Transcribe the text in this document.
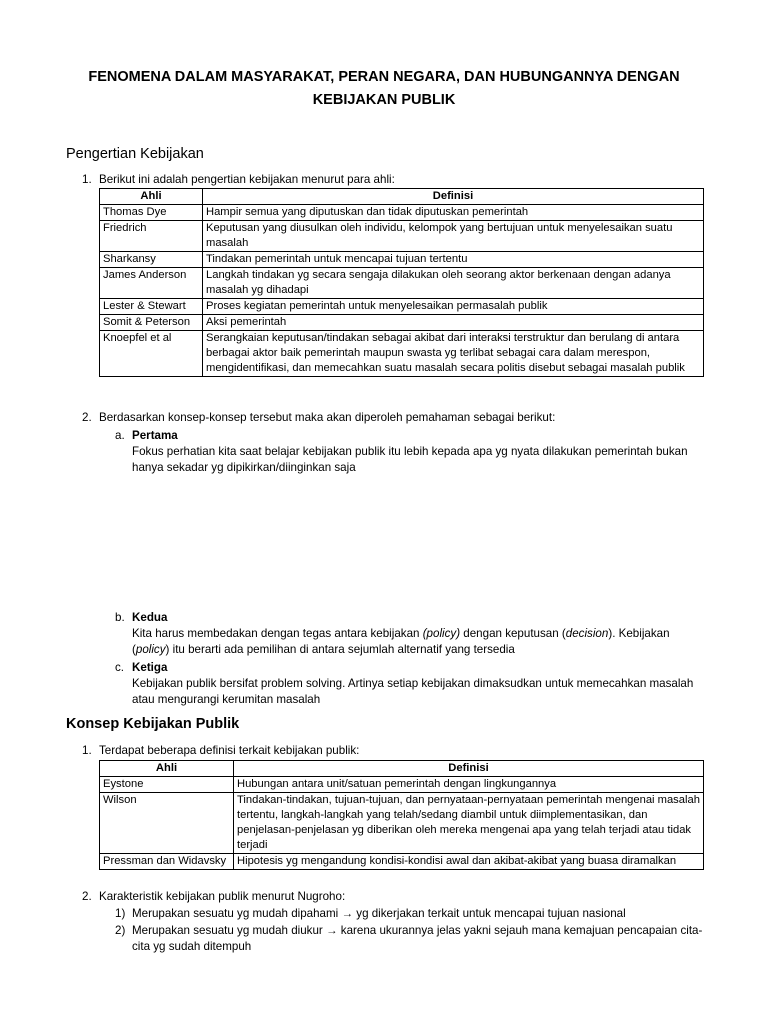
FENOMENA DALAM MASYARAKAT, PERAN NEGARA, DAN HUBUNGANNYA DENGAN
KEBIJAKAN PUBLIK
Pengertian Kebijakan
1. Berikut ini adalah pengertian kebijakan menurut para ahli:
Ahli	Definisi
Thomas Dye	Hampir semua yang diputuskan dan tidak diputuskan pemerintah
Friedrich	Keputusan yang diusulkan oleh individu, kelompok yang bertujuan untuk menyelesaikan suatu masalah
Sharkansy	Tindakan pemerintah untuk mencapai tujuan tertentu
James Anderson	Langkah tindakan yg secara sengaja dilakukan oleh seorang aktor berkenaan dengan adanya masalah yg dihadapi
Lester & Stewart	Proses kegiatan pemerintah untuk menyelesaikan permasalah publik
Somit & Peterson	Aksi pemerintah
Knoepfel et al	Serangkaian keputusan/tindakan sebagai akibat dari interaksi terstruktur dan berulang di antara berbagai aktor baik pemerintah maupun swasta yg terlibat sebagai cara dalam merespon, mengidentifikasi, dan memecahkan suatu masalah secara politis disebut sebagai masalah publik
2. Berdasarkan konsep-konsep tersebut maka akan diperoleh pemahaman sebagai berikut:
a. Pertama
Fokus perhatian kita saat belajar kebijakan publik itu lebih kepada apa yg nyata dilakukan pemerintah bukan hanya sekadar yg dipikirkan/diinginkan saja
b. Kedua
Kita harus membedakan dengan tegas antara kebijakan (policy) dengan keputusan (decision). Kebijakan
(policy) itu berarti ada pemilihan di antara sejumlah alternatif yang tersedia
c. Ketiga
Kebijakan publik bersifat problem solving. Artinya setiap kebijakan dimaksudkan untuk memecahkan masalah atau mengurangi kerumitan masalah
Konsep Kebijakan Publik
1. Terdapat beberapa definisi terkait kebijakan publik:
Ahli	Definisi
Eystone	Hubungan antara unit/satuan pemerintah dengan lingkungannya
Wilson	Tindakan-tindakan, tujuan-tujuan, dan pernyataan-pernyataan pemerintah mengenai masalah tertentu, langkah-langkah yang telah/sedang diambil untuk diimplementasikan, dan penjelasan-penjelasan yg diberikan oleh mereka mengenai apa yang telah terjadi atau tidak terjadi
Pressman dan Widavsky	Hipotesis yg mengandung kondisi-kondisi awal dan akibat-akibat yang buasa diramalkan
2. Karakteristik kebijakan publik menurut Nugroho:
1) Merupakan sesuatu yg mudah dipahami → yg dikerjakan terkait untuk mencapai tujuan nasional
2) Merupakan sesuatu yg mudah diukur → karena ukurannya jelas yakni sejauh mana kemajuan pencapaian cita-cita yg sudah ditempuh
